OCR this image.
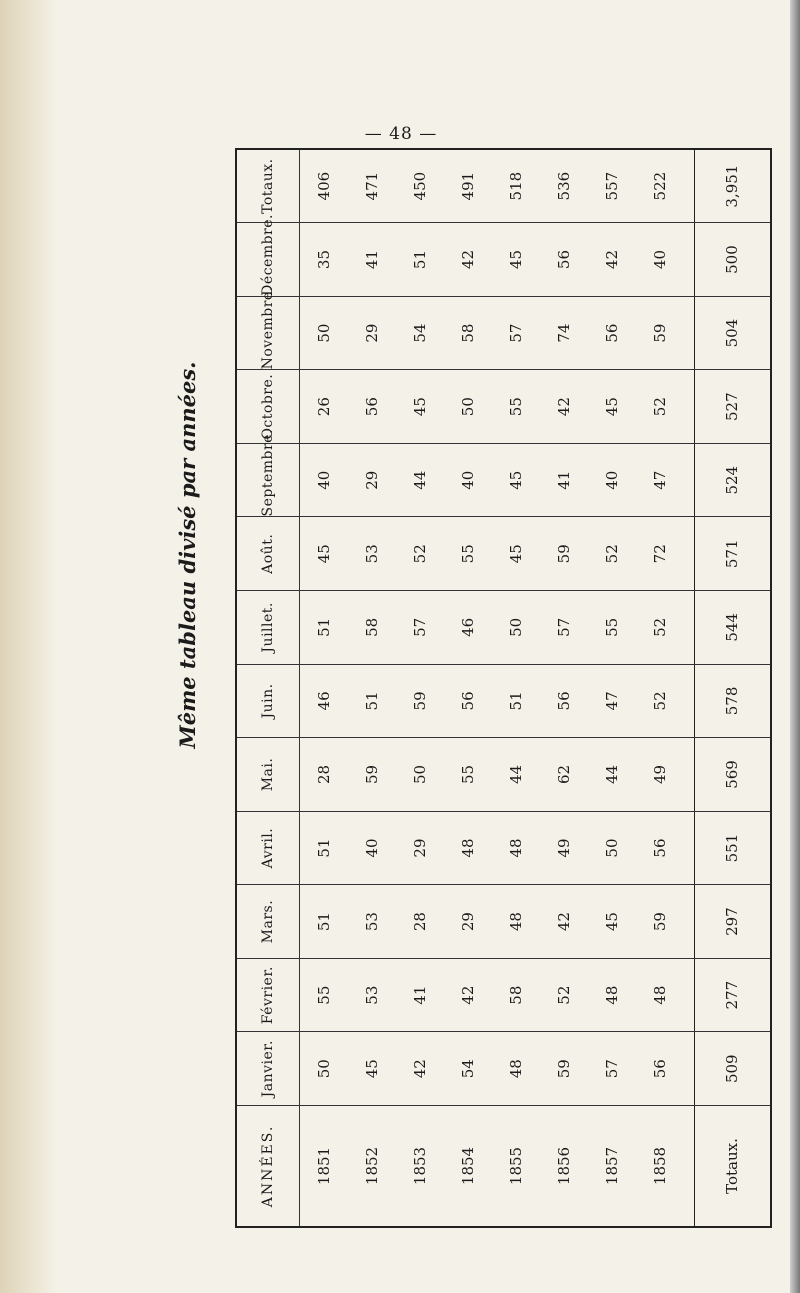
— 48 —
Même tableau divisé par années.
ANNÉES.	Janvier.	Février.	Mars.	Avril.	Mai.	Juin.	Juillet.	Août.	Septembre.	Octobre.	Novembre.	Décembre.	Totaux.
1851	50	55	51	51	28	46	51	45	40	26	50	35	406
1852	45	53	53	40	59	51	58	53	29	56	29	41	471
1853	42	41	28	29	50	59	57	52	44	45	54	51	450
1854	54	42	29	48	55	56	46	55	40	50	58	42	491
1855	48	58	48	48	44	51	50	45	45	55	57	45	518
1856	59	52	42	49	62	56	57	59	41	42	74	56	536
1857	57	48	45	50	44	47	55	52	40	45	56	42	557
1858	56	48	59	56	49	52	52	72	47	52	59	40	522
Totaux.	509	277	297	551	569	578	544	571	524	527	504	500	3,951
